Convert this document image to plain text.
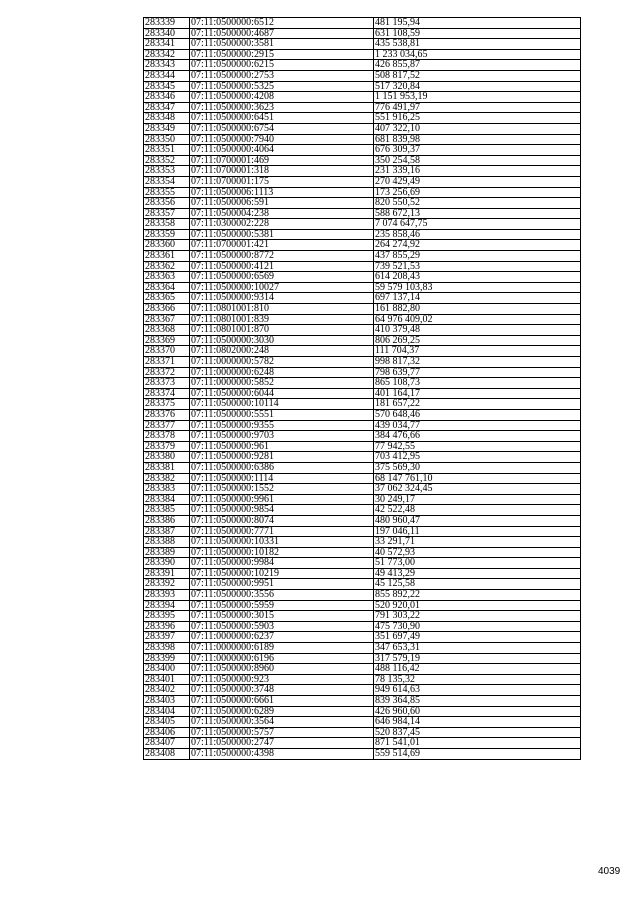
283339	07:11:0500000:6512	481 195,94
283340	07:11:0500000:4687	631 108,59
283341	07:11:0500000:3581	435 538,81
283342	07:11:0500000:2915	1 233 034,65
283343	07:11:0500000:6215	426 855,87
283344	07:11:0500000:2753	508 817,52
283345	07:11:0500000:5325	517 320,84
283346	07:11:0500000:4208	1 151 953,19
283347	07:11:0500000:3623	776 491,97
283348	07:11:0500000:6451	551 916,25
283349	07:11:0500000:6754	407 322,10
283350	07:11:0500000:7940	681 839,98
283351	07:11:0500000:4064	676 309,37
283352	07:11:0700001:469	350 254,58
283353	07:11:0700001:318	231 339,16
283354	07:11:0700001:175	270 429,49
283355	07:11:0500006:1113	173 256,69
283356	07:11:0500006:591	820 550,52
283357	07:11:0500004:238	588 672,13
283358	07:11:0300002:228	7 074 647,75
283359	07:11:0500000:5381	235 858,46
283360	07:11:0700001:421	264 274,92
283361	07:11:0500000:8772	437 855,29
283362	07:11:0500000:4121	739 521,53
283363	07:11:0500000:6569	614 208,43
283364	07:11:0500000:10027	59 579 103,83
283365	07:11:0500000:9314	697 137,14
283366	07:11:0801001:810	161 882,80
283367	07:11:0801001:839	64 976 409,02
283368	07:11:0801001:870	410 379,48
283369	07:11:0500000:3030	806 269,25
283370	07:11:0802000:248	111 704,37
283371	07:11:0000000:5782	998 817,32
283372	07:11:0000000:6248	798 639,77
283373	07:11:0000000:5852	865 108,73
283374	07:11:0500000:6044	401 164,17
283375	07:11:0500000:10114	181 657,22
283376	07:11:0500000:5551	570 648,46
283377	07:11:0500000:9355	439 034,77
283378	07:11:0500000:9703	384 476,66
283379	07:11:0500000:961	77 942,55
283380	07:11:0500000:9281	703 412,95
283381	07:11:0500000:6386	375 569,30
283382	07:11:0500000:1114	68 147 761,10
283383	07:11:0500000:1552	37 062 324,45
283384	07:11:0500000:9961	30 249,17
283385	07:11:0500000:9854	42 522,48
283386	07:11:0500000:8074	480 960,47
283387	07:11:0500000:7771	197 046,11
283388	07:11:0500000:10331	33 291,71
283389	07:11:0500000:10182	40 572,93
283390	07:11:0500000:9984	51 773,00
283391	07:11:0500000:10219	49 413,29
283392	07:11:0500000:9951	45 125,58
283393	07:11:0500000:3556	855 892,22
283394	07:11:0500000:5959	520 920,01
283395	07:11:0500000:3015	791 303,22
283396	07:11:0500000:5903	475 730,90
283397	07:11:0000000:6237	351 697,49
283398	07:11:0000000:6189	347 653,31
283399	07:11:0000000:6196	317 579,19
283400	07:11:0500000:8960	488 116,42
283401	07:11:0500000:923	78 135,32
283402	07:11:0500000:3748	949 614,63
283403	07:11:0500000:6661	839 364,85
283404	07:11:0500000:6289	426 960,60
283405	07:11:0500000:3564	646 984,14
283406	07:11:0500000:5757	520 837,45
283407	07:11:0500000:2747	871 541,01
283408	07:11:0500000:4398	559 514,69
4039
